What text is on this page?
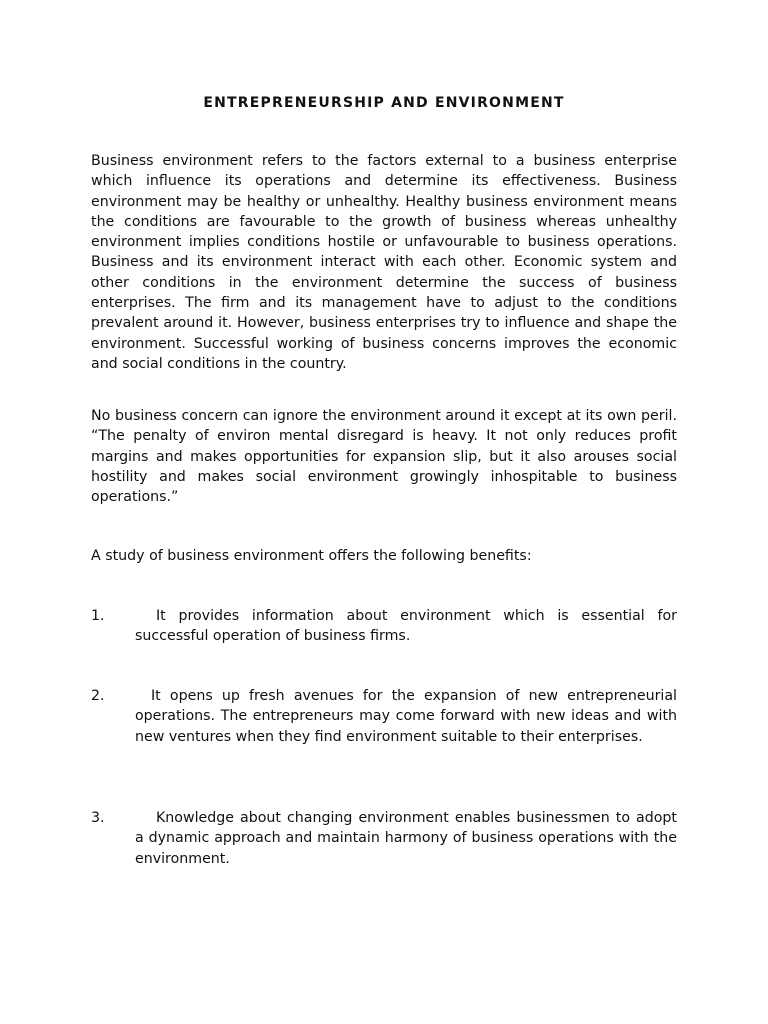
ENTREPRENEURSHIP AND ENVIRONMENT

Business environment refers to the factors external to a business enterprise which influence its operations and determine its effectiveness. Business environment may be healthy or unhealthy. Healthy business environment means the conditions are favourable to the growth of business whereas unhealthy environment implies conditions hostile or unfavourable to business operations. Business and its environment interact with each other. Economic system and other conditions in the environment determine the success of business enterprises. The firm and its management have to adjust to the conditions prevalent around it. However, business enterprises try to influence and shape the environment. Successful working of business concerns improves the economic and social conditions in the country.

No business concern can ignore the environment around it except at its own peril. “The penalty of environ mental disregard is heavy. It not only reduces profit margins and makes opportunities for expansion slip, but it also arouses social hostility and makes social environment growingly inhospitable to business operations.”

A study of business environment offers the following benefits:

1.	It provides information about environment which is essential for successful operation of business firms.

2.	It opens up fresh avenues for the expansion of new entrepreneurial operations. The entrepreneurs may come forward with new ideas and with new ventures when they find environment suitable to their enterprises.

3.	Knowledge about changing environment enables businessmen to adopt a dynamic approach and maintain harmony of business operations with the environment.
